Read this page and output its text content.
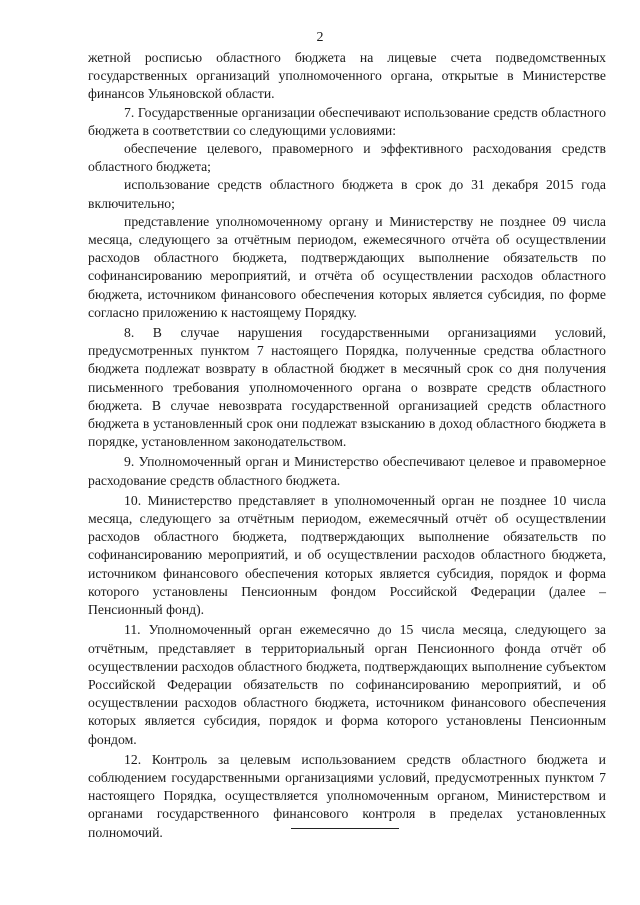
2

жетной росписью областного бюджета на лицевые счета подведомственных государственных организаций уполномоченного органа, открытые в Министерстве финансов Ульяновской области.

7. Государственные организации обеспечивают использование средств областного бюджета в соответствии со следующими условиями:

обеспечение целевого, правомерного и эффективного расходования средств областного бюджета;

использование средств областного бюджета в срок до 31 декабря 2015 года включительно;

представление уполномоченному органу и Министерству не позднее 09 числа месяца, следующего за отчётным периодом, ежемесячного отчёта об осуществлении расходов областного бюджета, подтверждающих выполнение обязательств по софинансированию мероприятий, и отчёта об осуществлении расходов областного бюджета, источником финансового обеспечения которых является субсидия, по форме согласно приложению к настоящему Порядку.

8. В случае нарушения государственными организациями условий, предусмотренных пунктом 7 настоящего Порядка, полученные средства областного бюджета подлежат возврату в областной бюджет в месячный срок со дня получения письменного требования уполномоченного органа о возврате средств областного бюджета. В случае невозврата государственной организацией средств областного бюджета в установленный срок они подлежат взысканию в доход областного бюджета в порядке, установленном законодательством.

9. Уполномоченный орган и Министерство обеспечивают целевое и правомерное расходование средств областного бюджета.

10. Министерство представляет в уполномоченный орган не позднее 10 числа месяца, следующего за отчётным периодом, ежемесячный отчёт об осуществлении расходов областного бюджета, подтверждающих выполнение обязательств по софинансированию мероприятий, и об осуществлении расходов областного бюджета, источником финансового обеспечения которых является субсидия, порядок и форма которого установлены Пенсионным фондом Российской Федерации (далее – Пенсионный фонд).

11. Уполномоченный орган ежемесячно до 15 числа месяца, следующего за отчётным, представляет в территориальный орган Пенсионного фонда отчёт об осуществлении расходов областного бюджета, подтверждающих выполнение субъектом Российской Федерации обязательств по софинансированию мероприятий, и об осуществлении расходов областного бюджета, источником финансового обеспечения которых является субсидия, порядок и форма которого установлены Пенсионным фондом.

12. Контроль за целевым использованием средств областного бюджета и соблюдением государственными организациями условий, предусмотренных пунктом 7 настоящего Порядка, осуществляется уполномоченным органом, Министерством и органами государственного финансового контроля в пределах установленных полномочий.
